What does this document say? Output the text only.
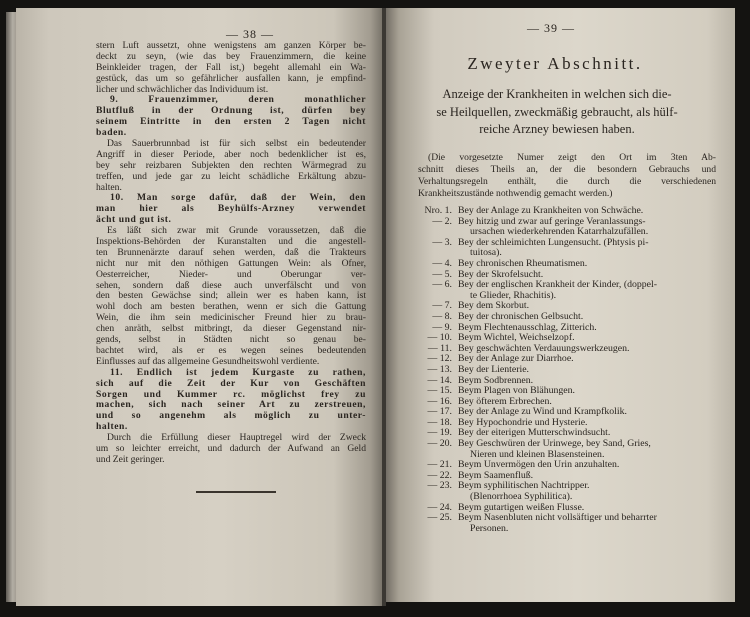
— 38 —
stern Luft aussetzt, ohne wenigstens am ganzen Körper be-
deckt zu seyn, (wie das bey Frauenzimmern, die keine
Beinkleider tragen, der Fall ist,) begeht allemahl ein Wa-
gestück, das um so gefährlicher ausfallen kann, je empfind-
licher und schwächlicher das Individuum ist.
9. Frauenzimmer, deren monathlicher
Blutfluß in der Ordnung ist, dürfen bey
seinem Eintritte in den ersten 2 Tagen nicht
baden.
Das Sauerbrunnbad ist für sich selbst ein bedeutender
Angriff in dieser Periode, aber noch bedenklicher ist es,
bey sehr reizbaren Subjekten den rechten Wärmegrad zu
treffen, und jede gar zu leicht schädliche Erkältung abzu-
halten.
10. Man sorge dafür, daß der Wein, den
man hier als Beyhülfs-Arzney verwendet
ächt und gut ist.
Es läßt sich zwar mit Grunde voraussetzen, daß die
Inspektions-Behörden der Kuranstalten und die angestell-
ten Brunnenärzte darauf sehen werden, daß die Trakteurs
nicht nur mit den nöthigen Gattungen Wein: als Ofner,
Oesterreicher, Nieder- und Oberungar ver-
sehen, sondern daß diese auch unverfälscht und von
den besten Gewächse sind; allein wer es haben kann, ist
wohl doch am besten berathen, wenn er sich die Gattung
Wein, die ihm sein medicinischer Freund hier zu brau-
chen anräth, selbst mitbringt, da dieser Gegenstand nir-
gends, selbst in Städten nicht so genau be-
bachtet wird, als er es wegen seines bedeutenden
Einflusses auf das allgemeine Gesundheitswohl verdiente.
11. Endlich ist jedem Kurgaste zu rathen,
sich auf die Zeit der Kur von Geschäften
Sorgen und Kummer rc. möglichst frey zu
machen, sich nach seiner Art zu zerstreuen,
und so angenehm als möglich zu unter-
halten.
Durch die Erfüllung dieser Hauptregel wird der Zweck
um so leichter erreicht, und dadurch der Aufwand an Geld
und Zeit geringer.
— 39 —
Zweyter Abschnitt.
Anzeige der Krankheiten in welchen sich die-
se Heilquellen, zweckmäßig gebraucht, als hülf-
reiche Arzney bewiesen haben.
(Die vorgesetzte Numer zeigt den Ort im 3ten Ab-
schnitt dieses Theils an, der die besondern Gebrauchs und
Verhaltungsregeln enthält, die durch die verschiedenen
Krankheitszustände nothwendig gemacht werden.)
Nro. 1. Bey der Anlage zu Krankheiten von Schwäche.
— 2. Bey hitzig und zwar auf geringe Veranlassungs-
ursachen wiederkehrenden Katarrhalzufällen.
— 3. Bey der schleimichten Lungensucht. (Phtysis pi-
tuitosa).
— 4. Bey chronischen Rheumatismen.
— 5. Bey der Skrofelsucht.
— 6. Bey der englischen Krankheit der Kinder, (doppel-
te Glieder, Rhachitis).
— 7. Bey dem Skorbut.
— 8. Bey der chronischen Gelbsucht.
— 9. Beym Flechtenausschlag, Zitterich.
— 10. Beym Wichtel, Weichselzopf.
— 11. Bey geschwächten Verdauungswerkzeugen.
— 12. Bey der Anlage zur Diarrhoe.
— 13. Bey der Lienterie.
— 14. Beym Sodbrennen.
— 15. Beym Plagen von Blähungen.
— 16. Bey öfterem Erbrechen.
— 17. Bey der Anlage zu Wind und Krampfkolik.
— 18. Bey Hypochondrie und Hysterie.
— 19. Bey der eiterigen Mutterschwindsucht.
— 20. Bey Geschwüren der Urinwege, bey Sand, Gries,
Nieren und kleinen Blasensteinen.
— 21. Beym Unvermögen den Urin anzuhalten.
— 22. Beym Saamenfluß.
— 23. Beym syphilitischen Nachtripper.
(Blenorrhoea Syphilitica).
— 24. Beym gutartigen weißen Flusse.
— 25. Beym Nasenbluten nicht vollsäftiger und beharrter
Personen.
